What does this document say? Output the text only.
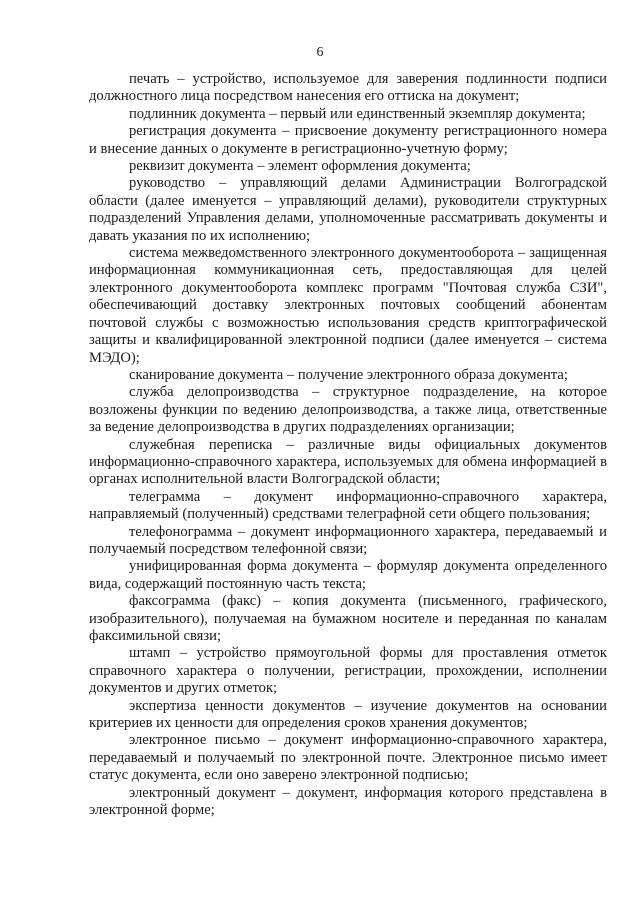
6

печать – устройство, используемое для заверения подлинности подписи должностного лица посредством нанесения его оттиска на документ;

подлинник документа – первый или единственный экземпляр документа;

регистрация документа – присвоение документу регистрационного номера и внесение данных о документе в регистрационно-учетную форму;

реквизит документа – элемент оформления документа;

руководство – управляющий делами Администрации Волгоградской области (далее именуется – управляющий делами), руководители структурных подразделений Управления делами, уполномоченные рассматривать документы и давать указания по их исполнению;

система межведомственного электронного документооборота – защищенная информационная коммуникационная сеть, предоставляющая для целей электронного документооборота комплекс программ "Почтовая служба СЗИ", обеспечивающий доставку электронных почтовых сообщений абонентам почтовой службы с возможностью использования средств криптографической защиты и квалифицированной электронной подписи (далее именуется – система МЭДО);

сканирование документа – получение электронного образа документа;

служба делопроизводства – структурное подразделение, на которое возложены функции по ведению делопроизводства, а также лица, ответственные за ведение делопроизводства в других подразделениях организации;

служебная переписка – различные виды официальных документов информационно-справочного характера, используемых для обмена информацией в органах исполнительной власти Волгоградской области;

телеграмма – документ информационно-справочного характера, направляемый (полученный) средствами телеграфной сети общего пользования;

телефонограмма – документ информационного характера, передаваемый и получаемый посредством телефонной связи;

унифицированная форма документа – формуляр документа определенного вида, содержащий постоянную часть текста;

факсограмма (факс) – копия документа (письменного, графического, изобразительного), получаемая на бумажном носителе и переданная по каналам факсимильной связи;

штамп – устройство прямоугольной формы для проставления отметок справочного характера о получении, регистрации, прохождении, исполнении документов и других отметок;

экспертиза ценности документов – изучение документов на основании критериев их ценности для определения сроков хранения документов;

электронное письмо – документ информационно-справочного характера, передаваемый и получаемый по электронной почте. Электронное письмо имеет статус документа, если оно заверено электронной подписью;

электронный документ – документ, информация которого представлена в электронной форме;
